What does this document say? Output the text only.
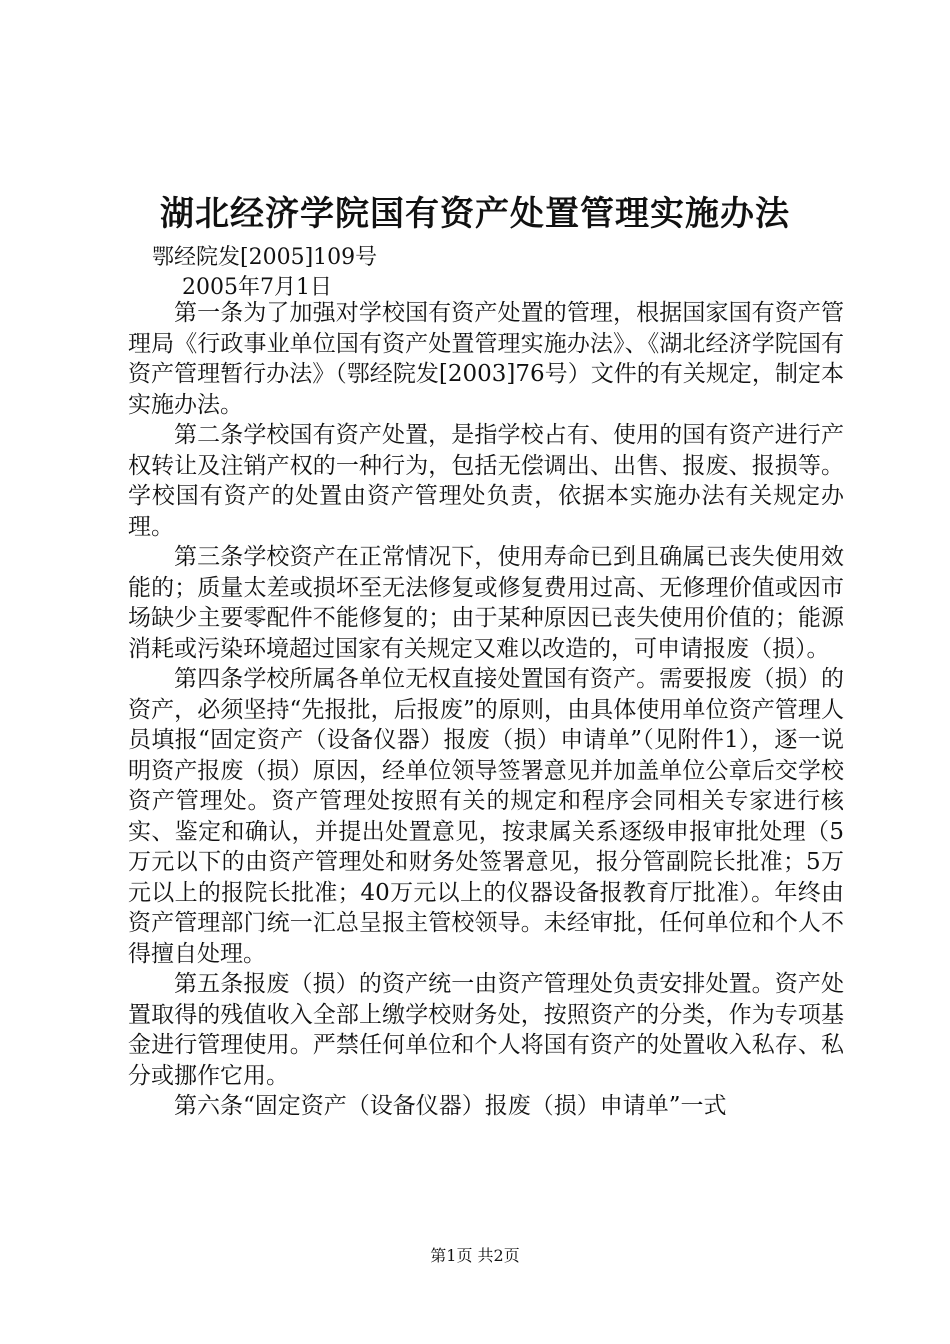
湖北经济学院国有资产处置管理实施办法

鄂经院发[2005]109号

2005年7月1日

第一条为了加强对学校国有资产处置的管理，根据国家国有资产管理局《行政事业单位国有资产处置管理实施办法》、《湖北经济学院国有资产管理暂行办法》（鄂经院发[2003]76号）文件的有关规定，制定本实施办法。

第二条学校国有资产处置，是指学校占有、使用的国有资产进行产权转让及注销产权的一种行为，包括无偿调出、出售、报废、报损等。学校国有资产的处置由资产管理处负责，依据本实施办法有关规定办理。

第三条学校资产在正常情况下，使用寿命已到且确属已丧失使用效能的；质量太差或损坏至无法修复或修复费用过高、无修理价值或因市场缺少主要零配件不能修复的；由于某种原因已丧失使用价值的；能源消耗或污染环境超过国家有关规定又难以改造的，可申请报废（损）。

第四条学校所属各单位无权直接处置国有资产。需要报废（损）的资产，必须坚持“先报批，后报废”的原则，由具体使用单位资产管理人员填报“固定资产（设备仪器）报废（损）申请单”（见附件1），逐一说明资产报废（损）原因，经单位领导签署意见并加盖单位公章后交学校资产管理处。资产管理处按照有关的规定和程序会同相关专家进行核实、鉴定和确认，并提出处置意见，按隶属关系逐级申报审批处理（5万元以下的由资产管理处和财务处签署意见，报分管副院长批准；5万元以上的报院长批准；40万元以上的仪器设备报教育厅批准）。年终由资产管理部门统一汇总呈报主管校领导。未经审批，任何单位和个人不得擅自处理。

第五条报废（损）的资产统一由资产管理处负责安排处置。资产处置取得的残值收入全部上缴学校财务处，按照资产的分类，作为专项基金进行管理使用。严禁任何单位和个人将国有资产的处置收入私存、私分或挪作它用。

第六条“固定资产（设备仪器）报废（损）申请单”一式

第1页 共2页
